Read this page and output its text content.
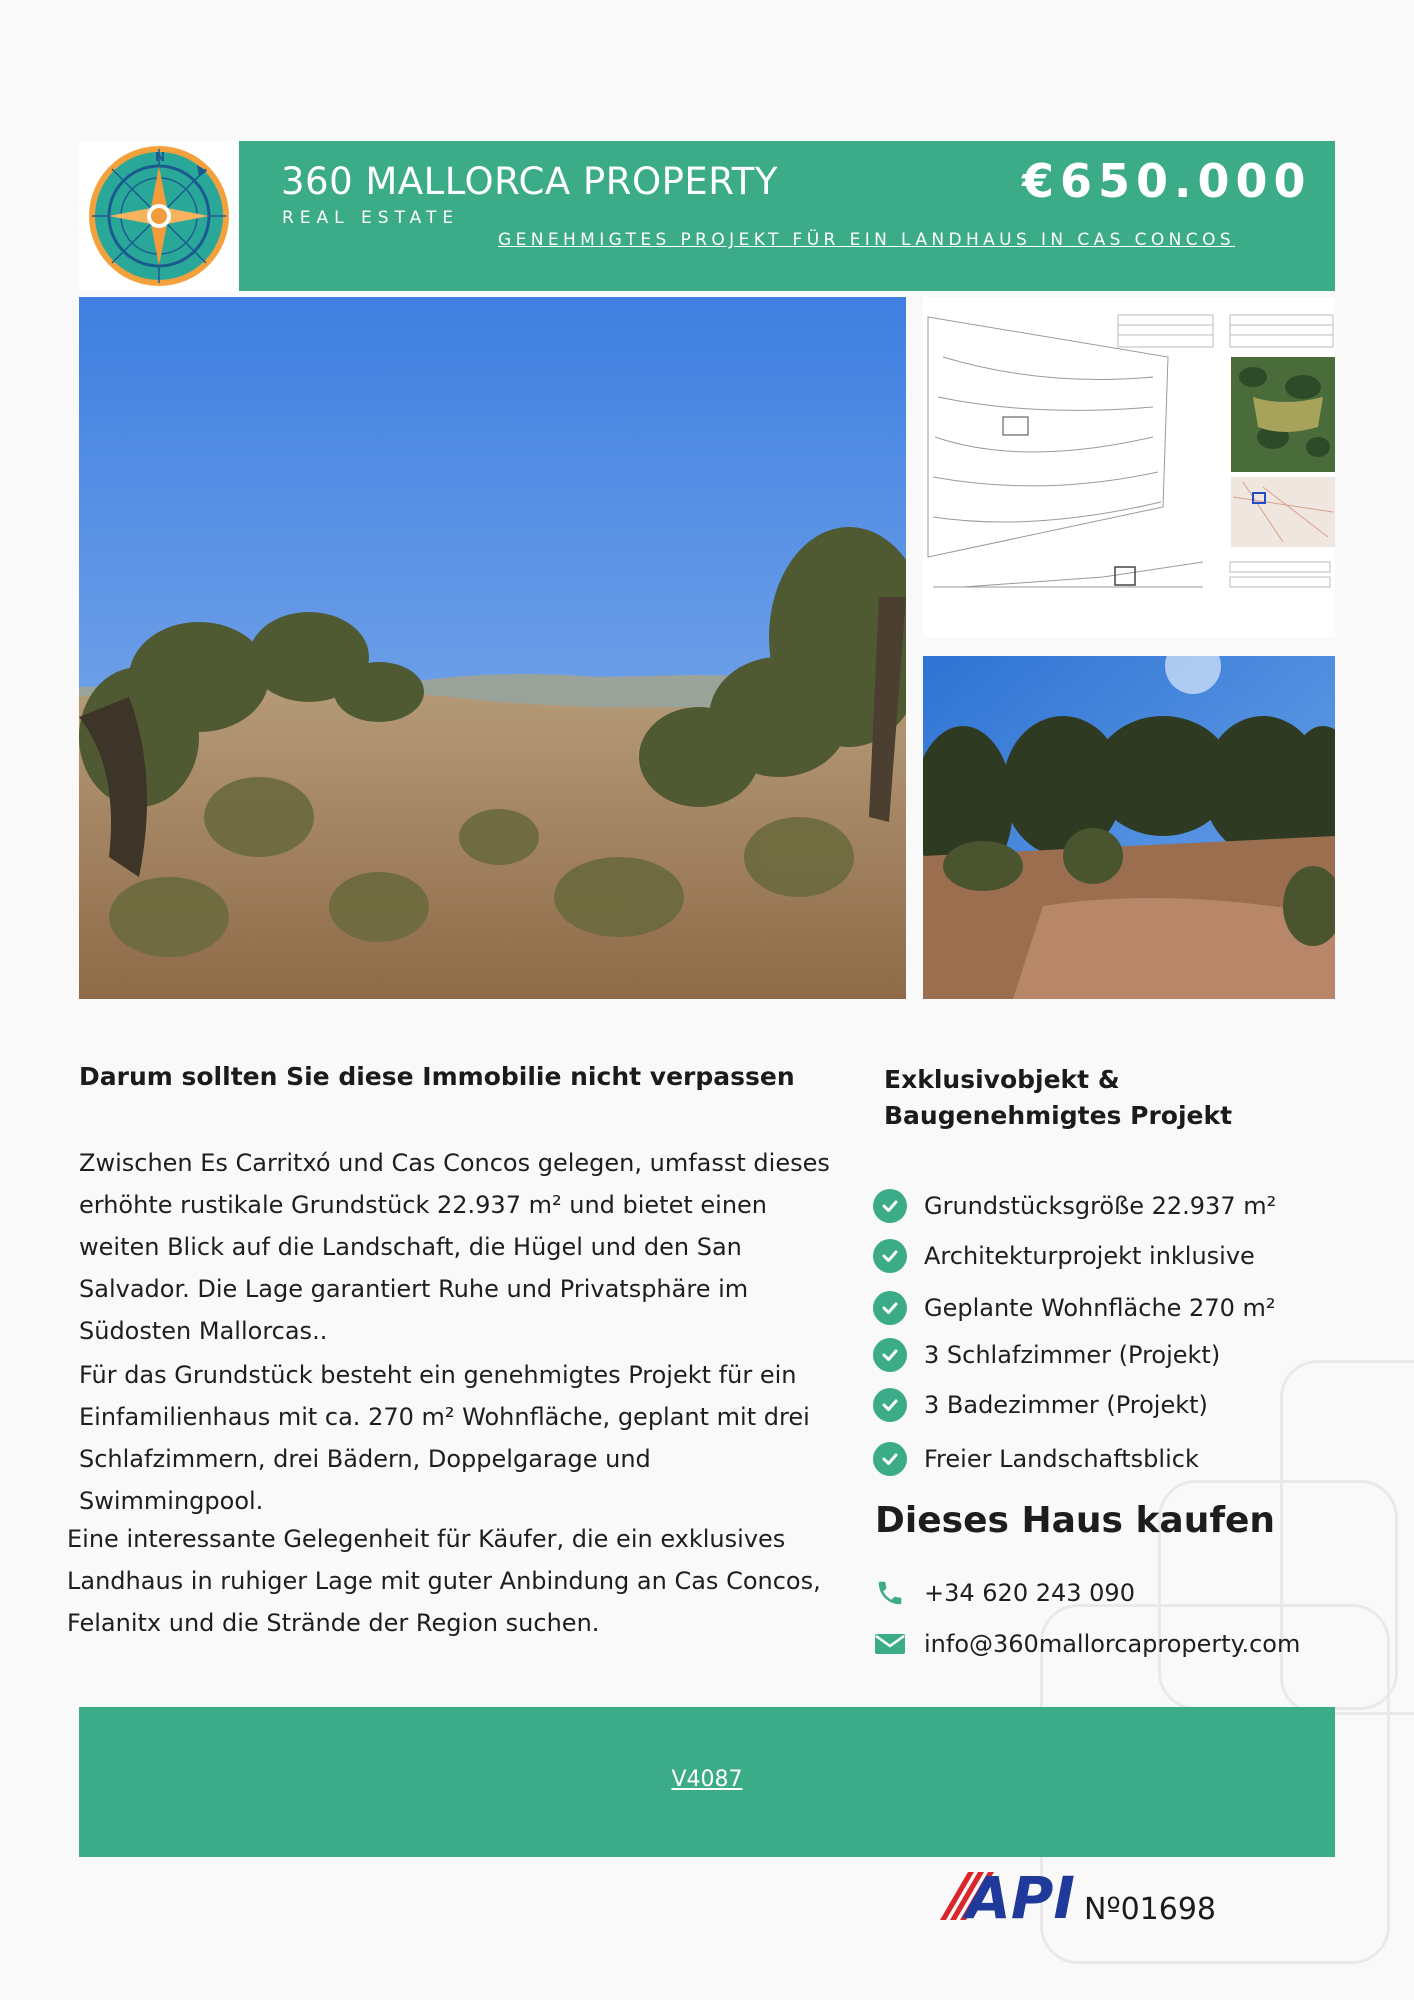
N
360 MALLORCA PROPERTY
REAL ESTATE
€650.000
GENEHMIGTES PROJEKT FÜR EIN LANDHAUS IN CAS CONCOS
Darum sollten Sie diese Immobilie nicht verpassen
Zwischen Es Carritxó und Cas Concos gelegen, umfasst dieses erhöhte rustikale Grundstück 22.937 m² und bietet einen weiten Blick auf die Landschaft, die Hügel und den San Salvador. Die Lage garantiert Ruhe und Privatsphäre im Südosten Mallorcas..
Für das Grundstück besteht ein genehmigtes Projekt für ein Einfamilienhaus mit ca. 270 m² Wohnfläche, geplant mit drei Schlafzimmern, drei Bädern, Doppelgarage und Swimmingpool.
Eine interessante Gelegenheit für Käufer, die ein exklusives Landhaus in ruhiger Lage mit guter Anbindung an Cas Concos, Felanitx und die Strände der Region suchen.
Exklusivobjekt & Baugenehmigtes Projekt
Grundstücksgröße 22.937 m²
Architekturprojekt inklusive
Geplante Wohnfläche 270 m²
3 Schlafzimmer (Projekt)
3 Badezimmer (Projekt)
Freier Landschaftsblick
Dieses Haus kaufen
+34 620 243 090
info@360mallorcaproperty.com
V4087
API Nº01698
